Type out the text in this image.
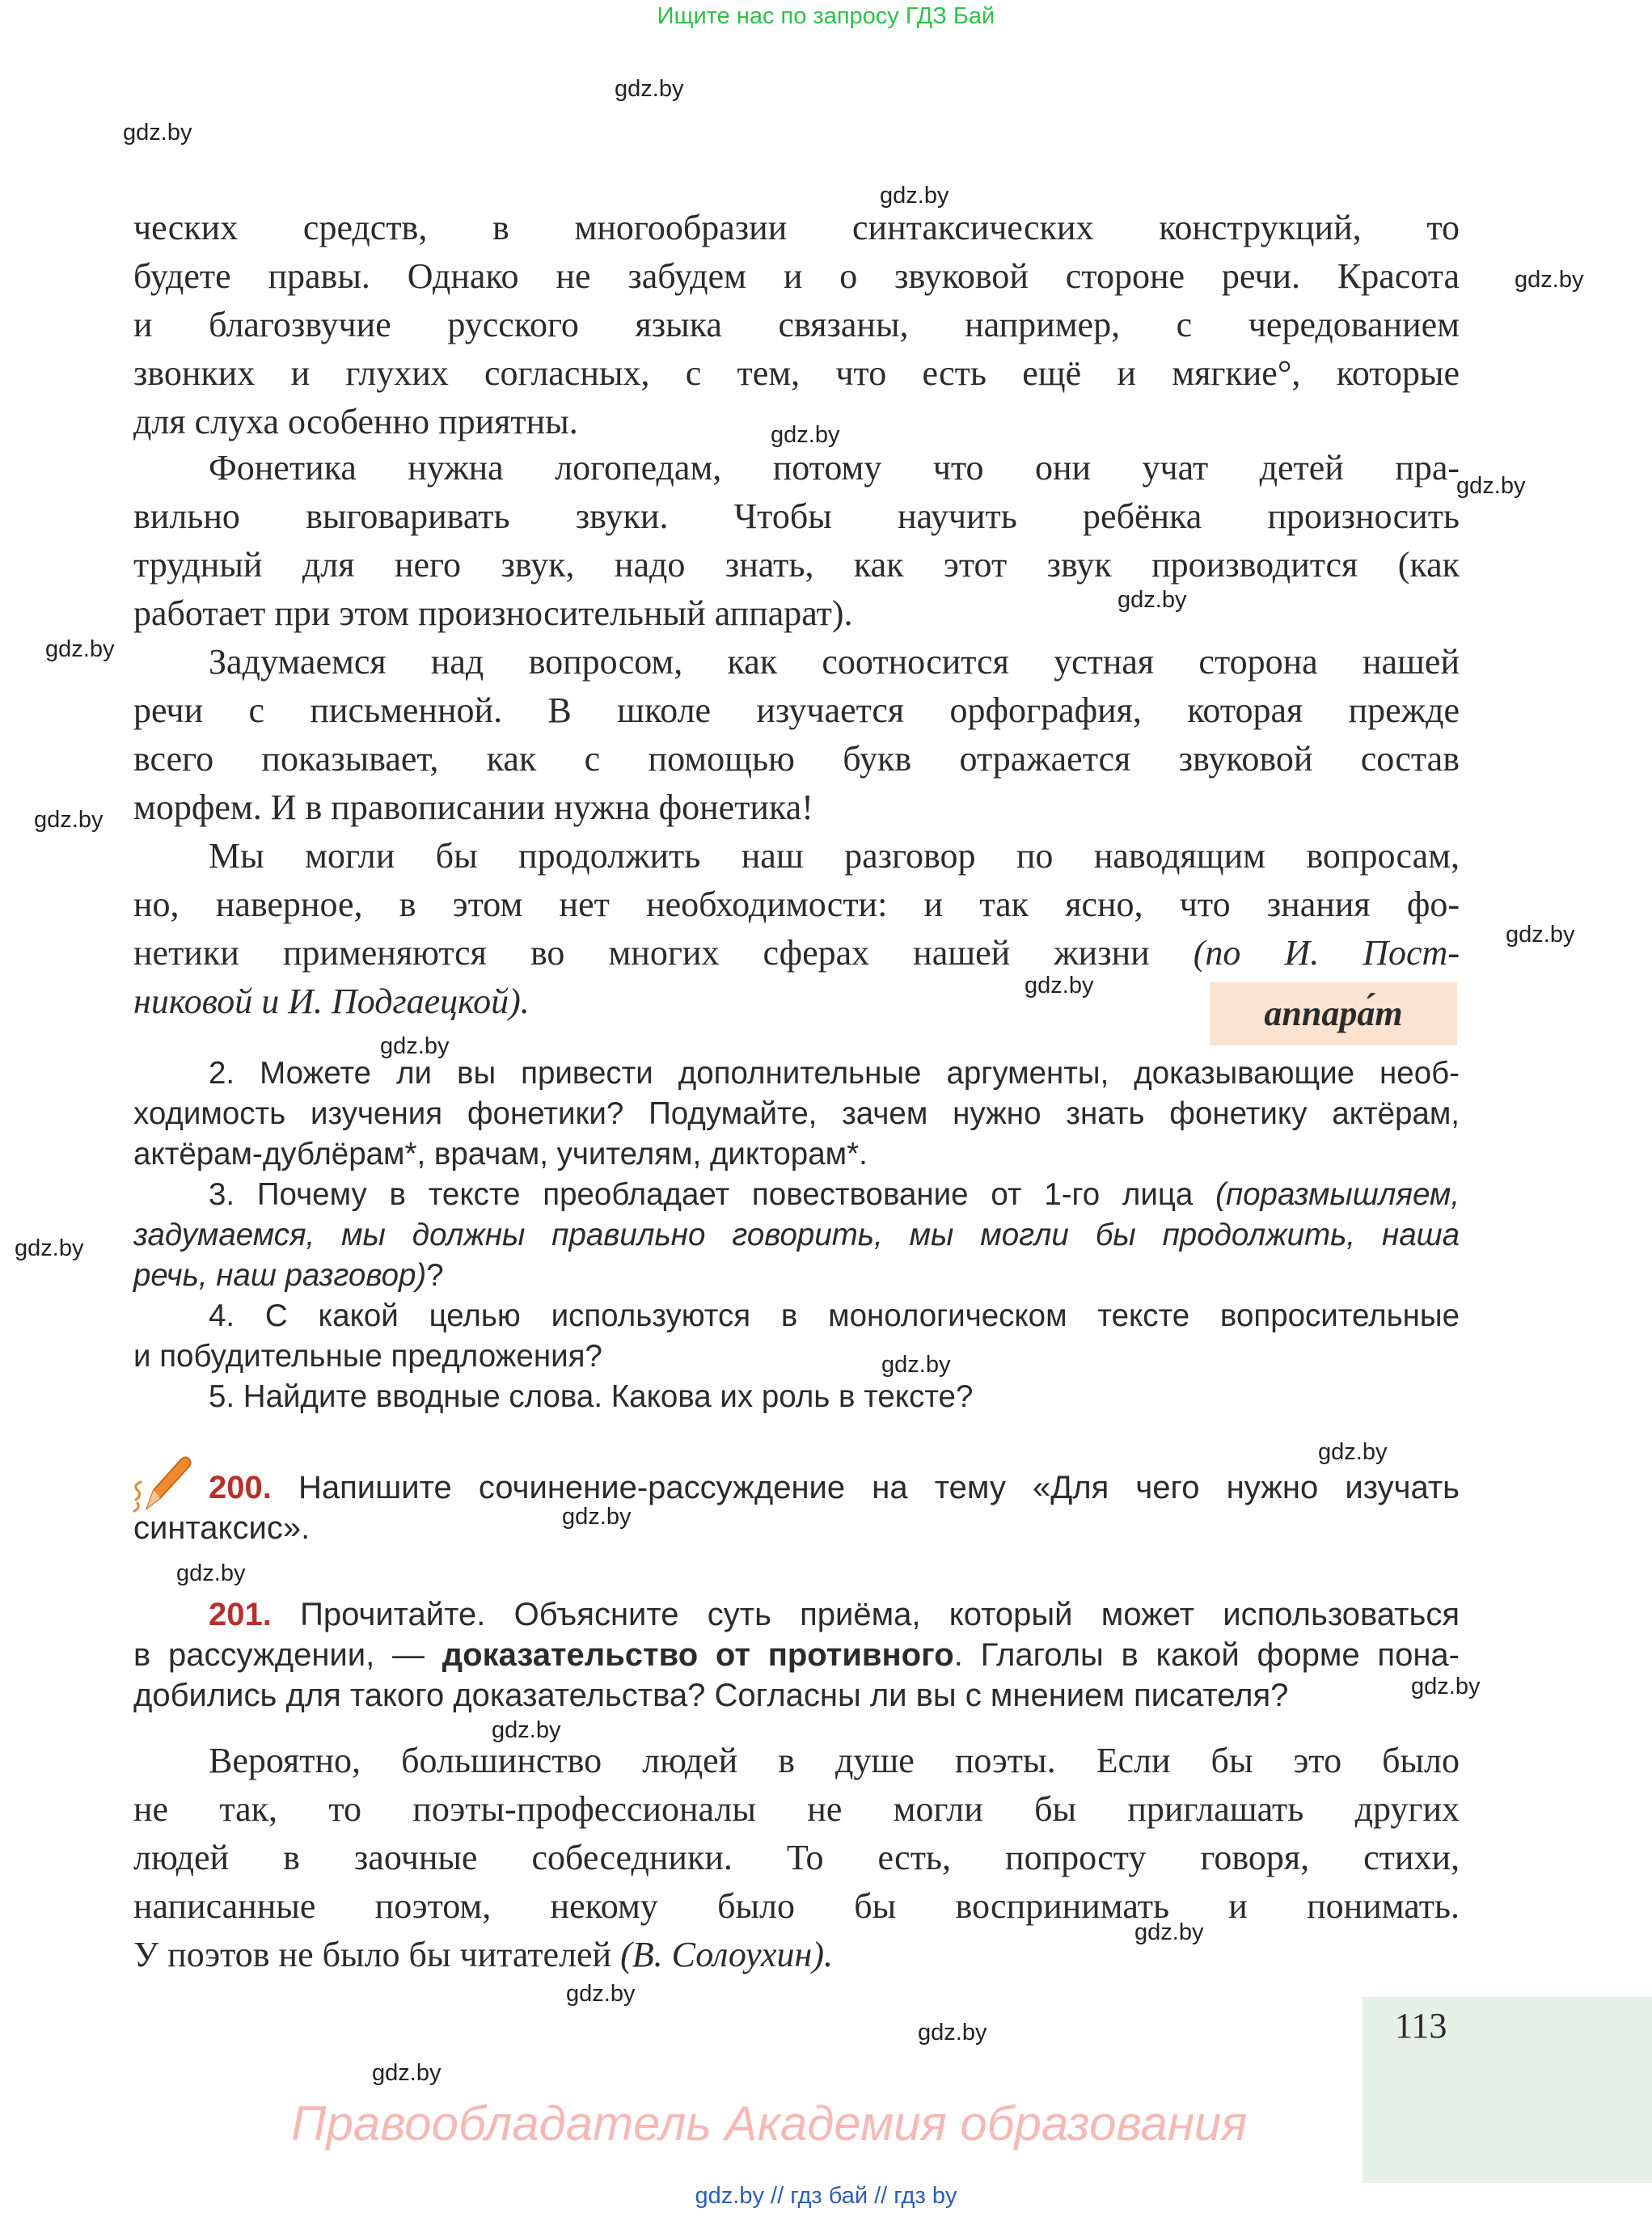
Ищите нас по запросу ГДЗ Бай
gdz.by
gdz.by
gdz.by
gdz.by
gdz.by
gdz.by
gdz.by
gdz.by
gdz.by
gdz.by
gdz.by
gdz.by
gdz.by
gdz.by
gdz.by
gdz.by
gdz.by
gdz.by
gdz.by
gdz.by
gdz.by
gdz.by
gdz.by
ческих средств, в многообразии синтаксических конструкций, то
будете правы. Однако не забудем и о звуковой стороне речи. Красота
и благозвучие русского языка связаны, например, с чередованием
звонких и глухих согласных, с тем, что есть ещё и мягкие°, которые
для слуха особенно приятны.
Фонетика нужна логопедам, потому что они учат детей пра-
вильно выговаривать звуки. Чтобы научить ребёнка произносить
трудный для него звук, надо знать, как этот звук производится (как
работает при этом произносительный аппарат).
Задумаемся над вопросом, как соотносится устная сторона нашей
речи с письменной. В школе изучается орфография, которая прежде
всего показывает, как с помощью букв отражается звуковой состав
морфем. И в правописании нужна фонетика!
Мы могли бы продолжить наш разговор по наводящим вопросам,
но, наверное, в этом нет необходимости: и так ясно, что знания фо-
нетики применяются во многих сферах нашей жизни (по И. Пост-
никовой и И. Подгаецкой).	аппара́т
2. Можете ли вы привести дополнительные аргументы, доказывающие необ-
ходимость изучения фонетики? Подумайте, зачем нужно знать фонетику актёрам,
актёрам-дублёрам*, врачам, учителям, дикторам*.
3. Почему в тексте преобладает повествование от 1-го лица (поразмышляем,
задумаемся, мы должны правильно говорить, мы могли бы продолжить, наша
речь, наш разговор)?
4. С какой целью используются в монологическом тексте вопросительные
и побудительные предложения?
5. Найдите вводные слова. Какова их роль в тексте?
200. Напишите сочинение-рассуждение на тему «Для чего нужно изучать
синтаксис».
201. Прочитайте. Объясните суть приёма, который может использоваться
в рассуждении, — доказательство от противного. Глаголы в какой форме пона-
добились для такого доказательства? Согласны ли вы с мнением писателя?
Вероятно, большинство людей в душе поэты. Если бы это было
не так, то поэты-профессионалы не могли бы приглашать других
людей в заочные собеседники. То есть, попросту говоря, стихи,
написанные поэтом, некому было бы воспринимать и понимать.
У поэтов не было бы читателей (В. Солоухин).
113
Правообладатель Академия образования
gdz.by // гдз бай // гдз by
